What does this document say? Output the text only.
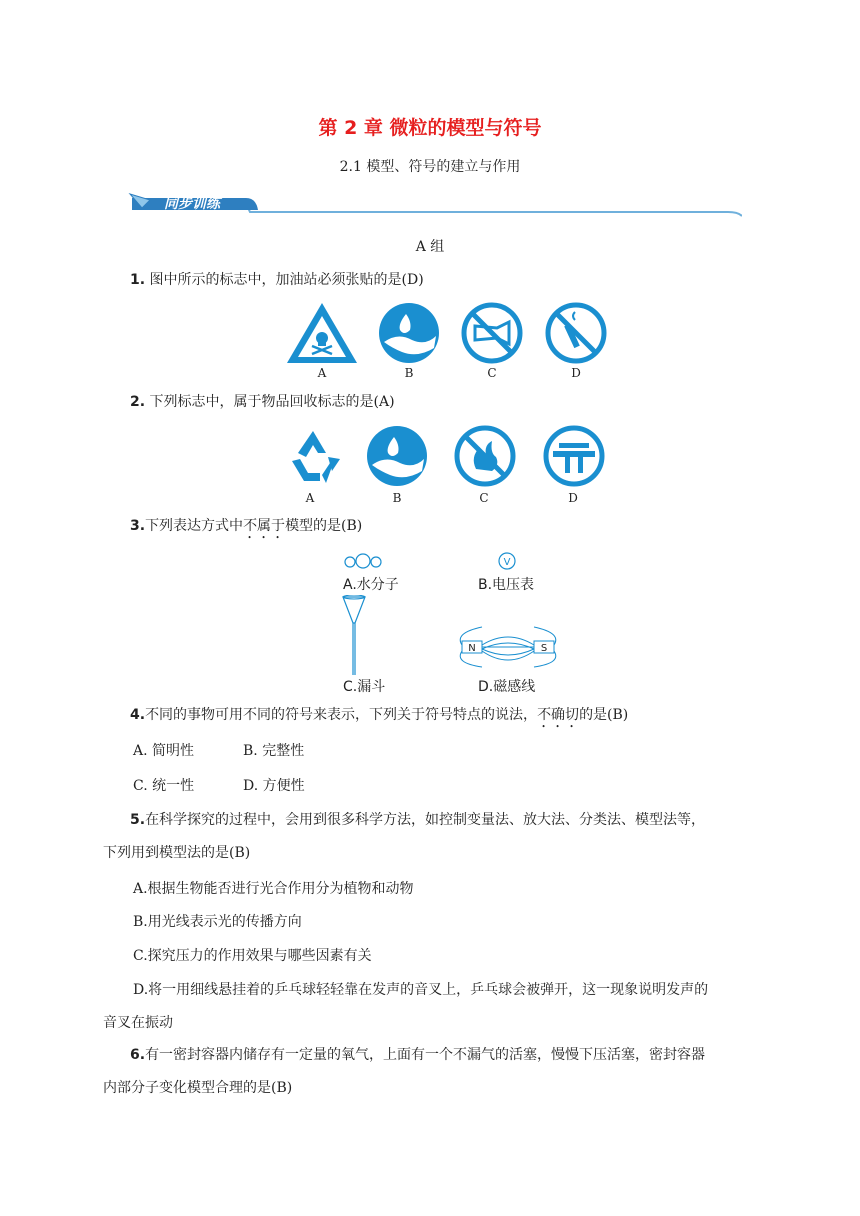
第 2 章 微粒的模型与符号
2.1 模型、符号的建立与作用
同步训练
A 组
1. 图中所示的标志中，加油站必须张贴的是(D)
A	B	C	D
2. 下列标志中，属于物品回收标志的是(A)
A	B	C	D
3.下列表达方式中不属于模型的是(B)
A.水分子
V
B.电压表
C.漏斗
N	S
D.磁感线
4.不同的事物可用不同的符号来表示，下列关于符号特点的说法，不确切的是(B)
A. 简明性	B. 完整性
C. 统一性	D. 方便性
5.在科学探究的过程中，会用到很多科学方法，如控制变量法、放大法、分类法、模型法等，
下列用到模型法的是(B)
A.根据生物能否进行光合作用分为植物和动物
B.用光线表示光的传播方向
C.探究压力的作用效果与哪些因素有关
D.将一用细线悬挂着的乒乓球轻轻靠在发声的音叉上，乒乓球会被弹开，这一现象说明发声的
音叉在振动
6.有一密封容器内储存有一定量的氧气，上面有一个不漏气的活塞，慢慢下压活塞，密封容器
内部分子变化模型合理的是(B)
